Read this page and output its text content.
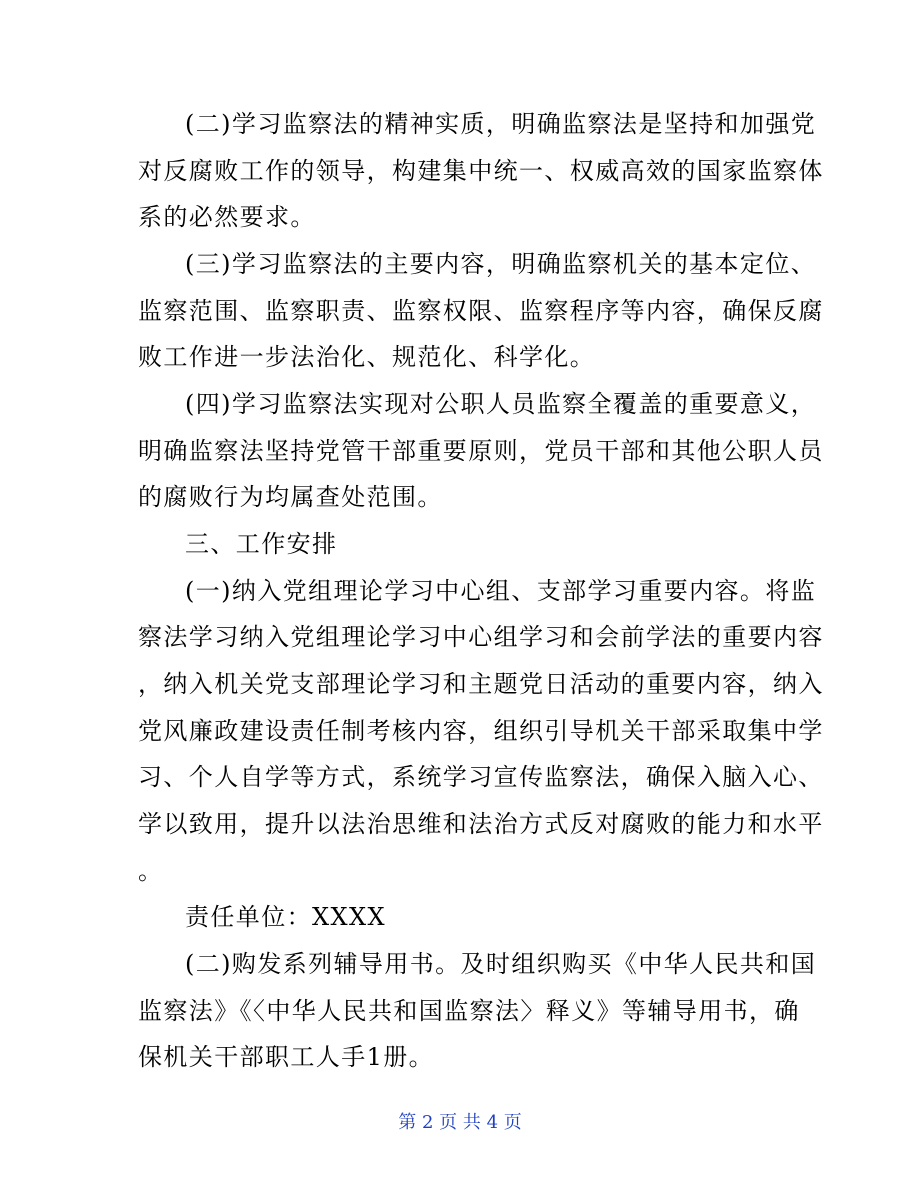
(二)学习监察法的精神实质，明确监察法是坚持和加强党
对反腐败工作的领导，构建集中统一、权威高效的国家监察体
系的必然要求。
(三)学习监察法的主要内容，明确监察机关的基本定位、
监察范围、监察职责、监察权限、监察程序等内容，确保反腐
败工作进一步法治化、规范化、科学化。
(四)学习监察法实现对公职人员监察全覆盖的重要意义，
明确监察法坚持党管干部重要原则，党员干部和其他公职人员
的腐败行为均属查处范围。
三、工作安排
(一)纳入党组理论学习中心组、支部学习重要内容。将监
察法学习纳入党组理论学习中心组学习和会前学法的重要内容
，纳入机关党支部理论学习和主题党日活动的重要内容，纳入
党风廉政建设责任制考核内容，组织引导机关干部采取集中学
习、个人自学等方式，系统学习宣传监察法，确保入脑入心、
学以致用，提升以法治思维和法治方式反对腐败的能力和水平
。
责任单位：XXXX
(二)购发系列辅导用书。及时组织购买《中华人民共和国
监察法》《〈中华人民共和国监察法〉释义》等辅导用书，确
保机关干部职工人手1册。
第 2 页 共 4 页
